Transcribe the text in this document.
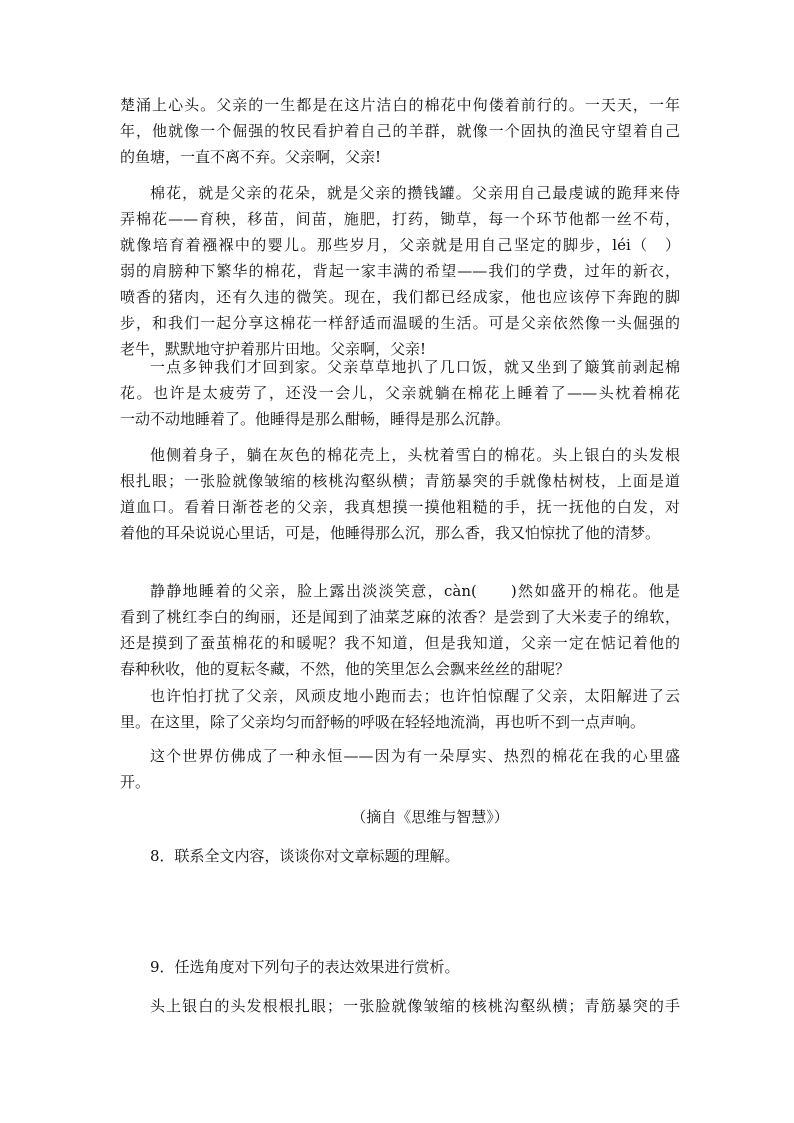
楚涌上心头。父亲的一生都是在这片洁白的棉花中佝偻着前行的。一天天，一年
年，他就像一个倔强的牧民看护着自己的羊群，就像一个固执的渔民守望着自己
的鱼塘，一直不离不弃。父亲啊，父亲!
棉花，就是父亲的花朵，就是父亲的攒钱罐。父亲用自己最虔诚的跪拜来侍
弄棉花——育秧，移苗，间苗，施肥，打药，锄草，每一个环节他都一丝不苟，
就像培育着襁褓中的婴儿。那些岁月，父亲就是用自己坚定的脚步，léi（　）
弱的肩膀种下繁华的棉花，背起一家丰满的希望——我们的学费，过年的新衣，
喷香的猪肉，还有久违的微笑。现在，我们都已经成家，他也应该停下奔跑的脚
步，和我们一起分享这棉花一样舒适而温暖的生活。可是父亲依然像一头倔强的
老牛，默默地守护着那片田地。父亲啊，父亲!
一点多钟我们才回到家。父亲草草地扒了几口饭，就又坐到了簸箕前剥起棉
花。也许是太疲劳了，还没一会儿，父亲就躺在棉花上睡着了——头枕着棉花
一动不动地睡着了。他睡得是那么酣畅，睡得是那么沉静。
他侧着身子，躺在灰色的棉花壳上，头枕着雪白的棉花。头上银白的头发根
根扎眼；一张脸就像皱缩的核桃沟壑纵横；青筋暴突的手就像枯树枝，上面是道
道血口。看着日渐苍老的父亲，我真想摸一摸他粗糙的手，抚一抚他的白发，对
着他的耳朵说说心里话，可是，他睡得那么沉，那么香，我又怕惊扰了他的清梦。
静静地睡着的父亲，脸上露出淡淡笑意，càn(　　)然如盛开的棉花。他是
看到了桃红李白的绚丽，还是闻到了油菜芝麻的浓香？是尝到了大米麦子的绵软，
还是摸到了蚕茧棉花的和暖呢？我不知道，但是我知道，父亲一定在惦记着他的
春种秋收，他的夏耘冬藏，不然，他的笑里怎么会飘来丝丝的甜呢？
也许怕打扰了父亲，风顽皮地小跑而去；也许怕惊醒了父亲，太阳解进了云
里。在这里，除了父亲均匀而舒畅的呼吸在轻轻地流淌，再也听不到一点声响。
这个世界仿佛成了一种永恒——因为有一朵厚实、热烈的棉花在我的心里盛
开。
（摘自《思维与智慧》）
8．联系全文内容，谈谈你对文章标题的理解。
9．任选角度对下列句子的表达效果进行赏析。
头上银白的头发根根扎眼；一张脸就像皱缩的核桃沟壑纵横；青筋暴突的手
